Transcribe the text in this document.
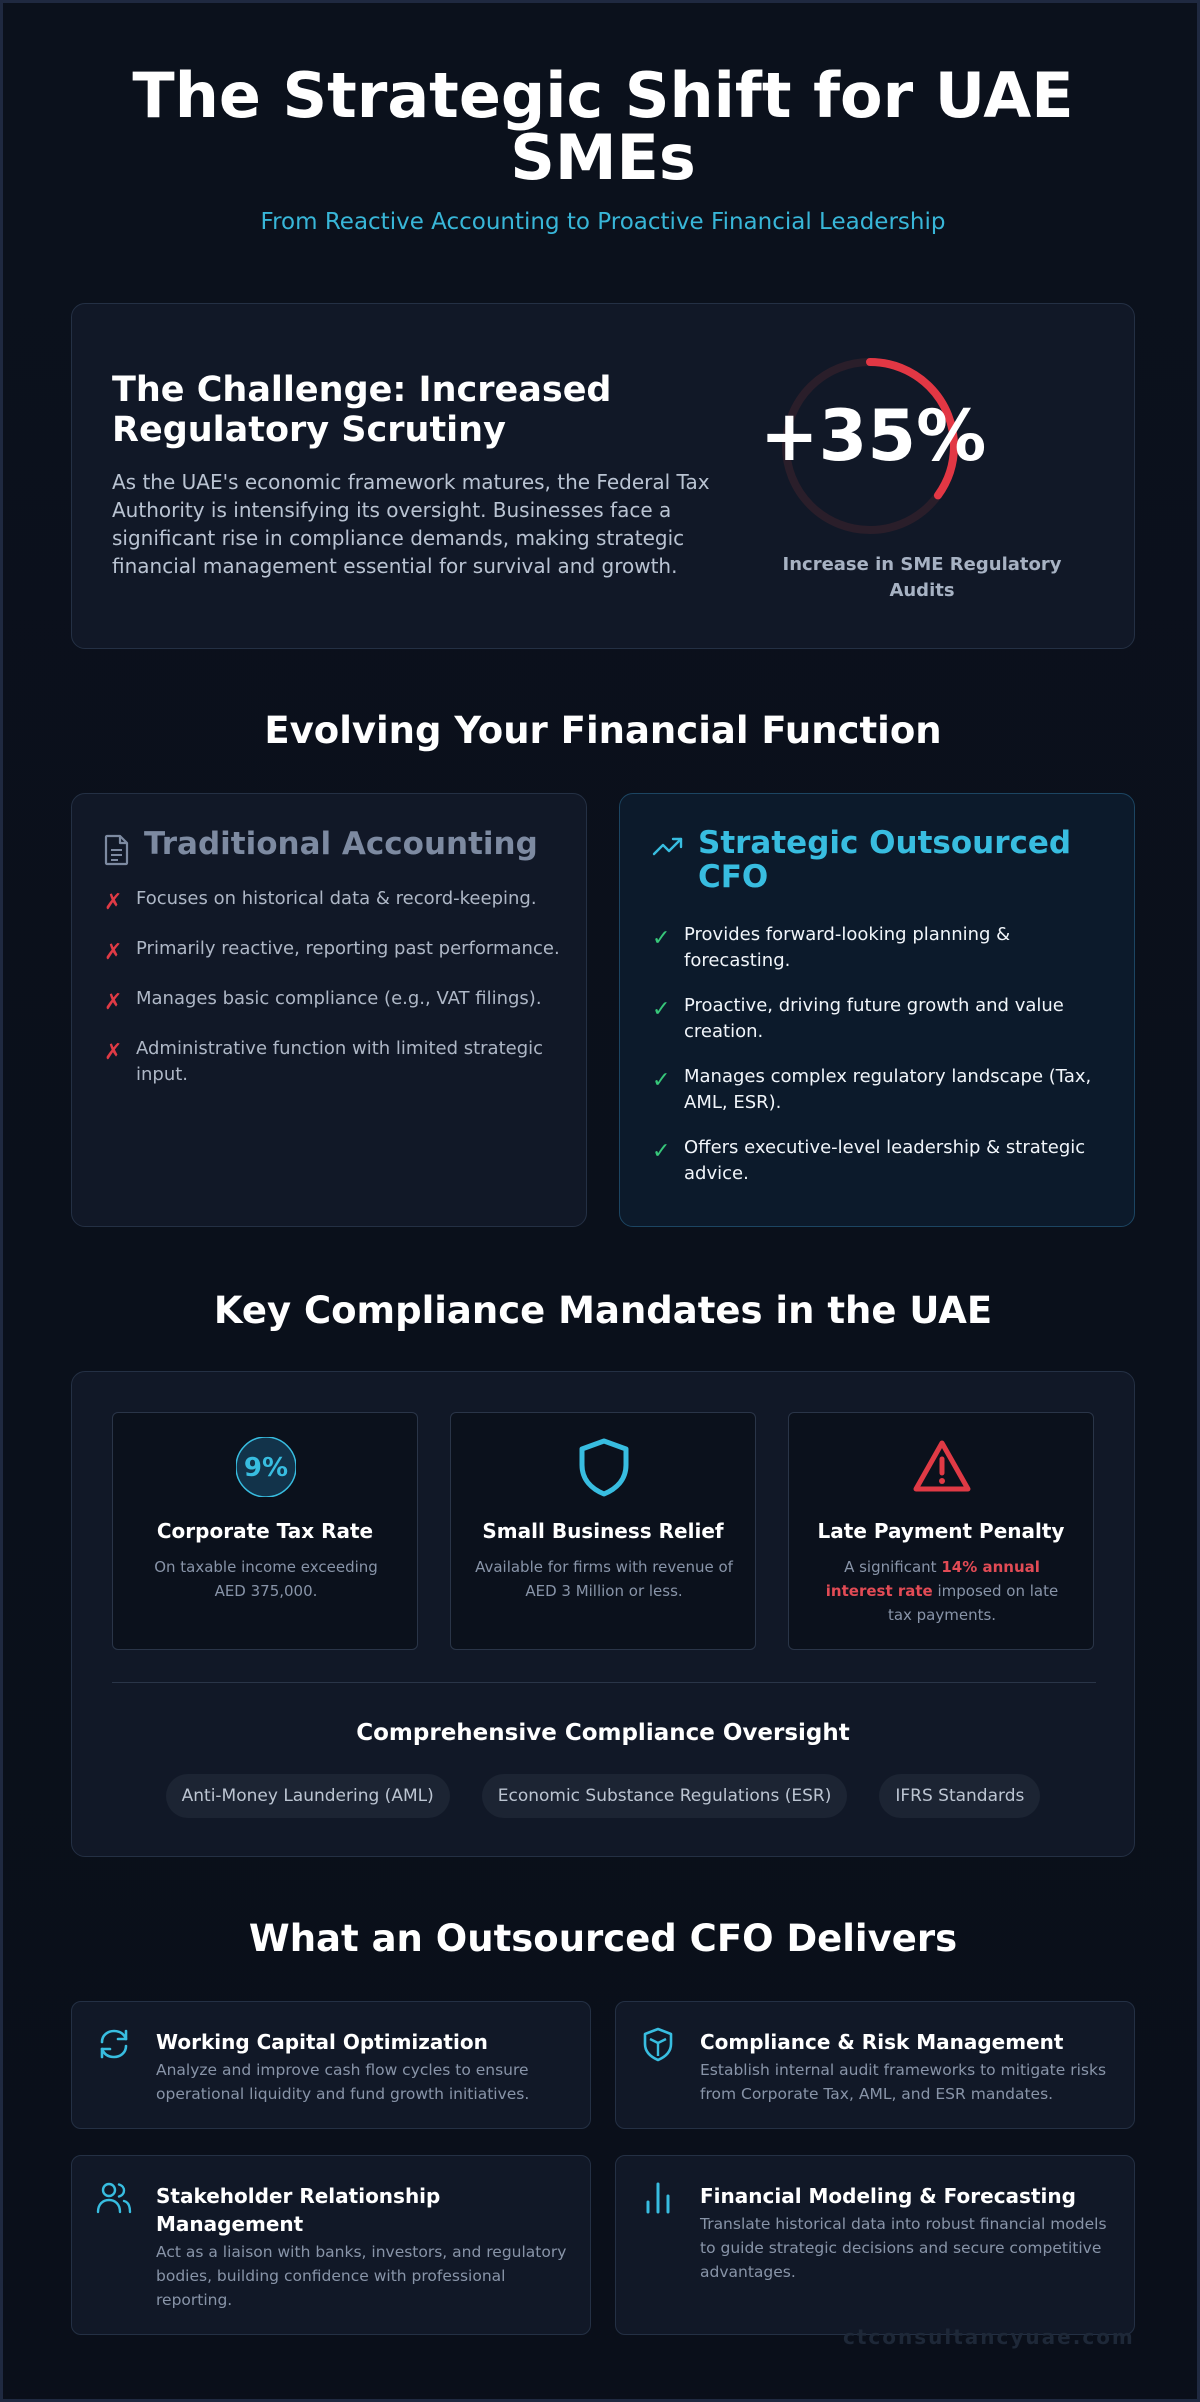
The Strategic Shift for UAE SMEs
From Reactive Accounting to Proactive Financial Leadership
The Challenge: Increased Regulatory Scrutiny

As the UAE's economic framework matures, the Federal Tax Authority is intensifying its oversight. Businesses face a significant rise in compliance demands, making strategic financial management essential for survival and growth.

+35%
Increase in SME Regulatory Audits
Evolving Your Financial Function
Traditional Accounting
✗ Focuses on historical data & record-keeping.
✗ Primarily reactive, reporting past performance.
✗ Manages basic compliance (e.g., VAT filings).
✗ Administrative function with limited strategic input.
Strategic Outsourced CFO
✓ Provides forward-looking planning & forecasting.
✓ Proactive, driving future growth and value creation.
✓ Manages complex regulatory landscape (Tax, AML, ESR).
✓ Offers executive-level leadership & strategic advice.
Key Compliance Mandates in the UAE
9%
Corporate Tax Rate

On taxable income exceeding
AED 375,000.

Small Business Relief

Available for firms with revenue of
AED 3 Million or less.

Late Payment Penalty

A significant 14% annual interest rate imposed on late tax payments.

Comprehensive Compliance Oversight
Anti-Money Laundering (AML)	Economic Substance Regulations (ESR)	IFRS Standards
What an Outsourced CFO Delivers
Working Capital Optimization

Analyze and improve cash flow cycles to ensure operational liquidity and fund growth initiatives.

Compliance & Risk Management

Establish internal audit frameworks to mitigate risks from Corporate Tax, AML, and ESR mandates.

Stakeholder Relationship Management

Act as a liaison with banks, investors, and regulatory bodies, building confidence with professional reporting.

Financial Modeling & Forecasting

Translate historical data into robust financial models to guide strategic decisions and secure competitive advantages.

ctconsultancyuae.com
